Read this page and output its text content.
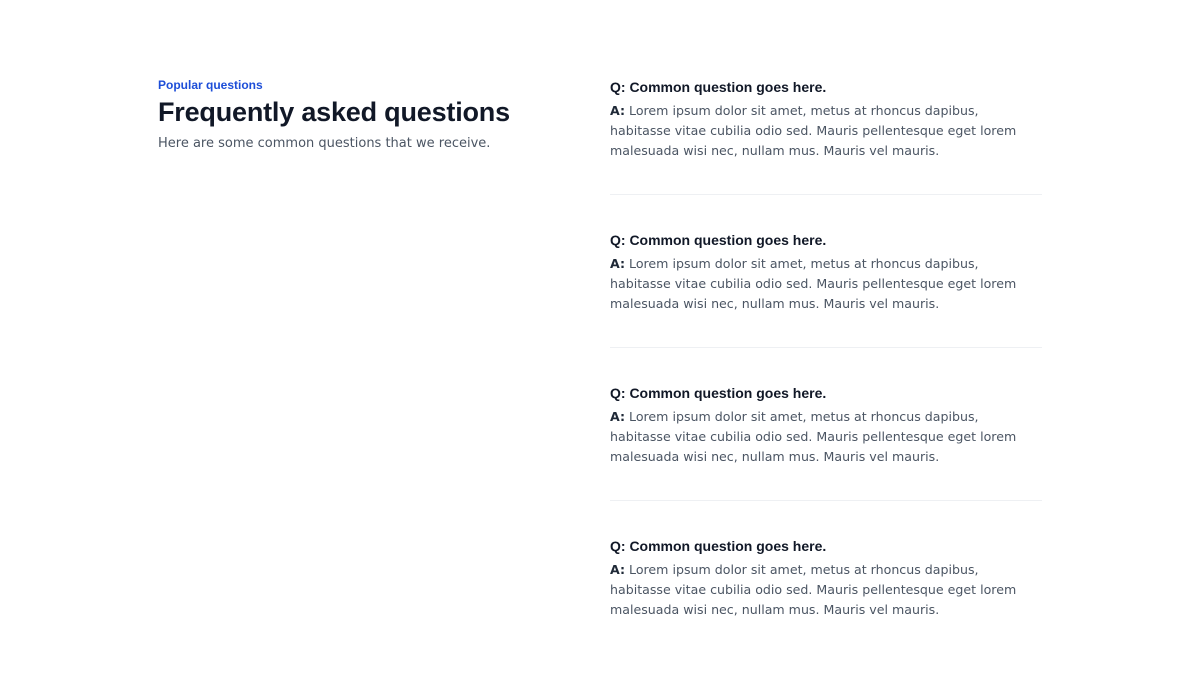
Popular questions

Frequently asked questions

Here are some common questions that we receive.

Q: Common question goes here.

A: Lorem ipsum dolor sit amet, metus at rhoncus dapibus, habitasse vitae cubilia odio sed. Mauris pellentesque eget lorem malesuada wisi nec, nullam mus. Mauris vel mauris.

Q: Common question goes here.

A: Lorem ipsum dolor sit amet, metus at rhoncus dapibus, habitasse vitae cubilia odio sed. Mauris pellentesque eget lorem malesuada wisi nec, nullam mus. Mauris vel mauris.

Q: Common question goes here.

A: Lorem ipsum dolor sit amet, metus at rhoncus dapibus, habitasse vitae cubilia odio sed. Mauris pellentesque eget lorem malesuada wisi nec, nullam mus. Mauris vel mauris.

Q: Common question goes here.

A: Lorem ipsum dolor sit amet, metus at rhoncus dapibus, habitasse vitae cubilia odio sed. Mauris pellentesque eget lorem malesuada wisi nec, nullam mus. Mauris vel mauris.
